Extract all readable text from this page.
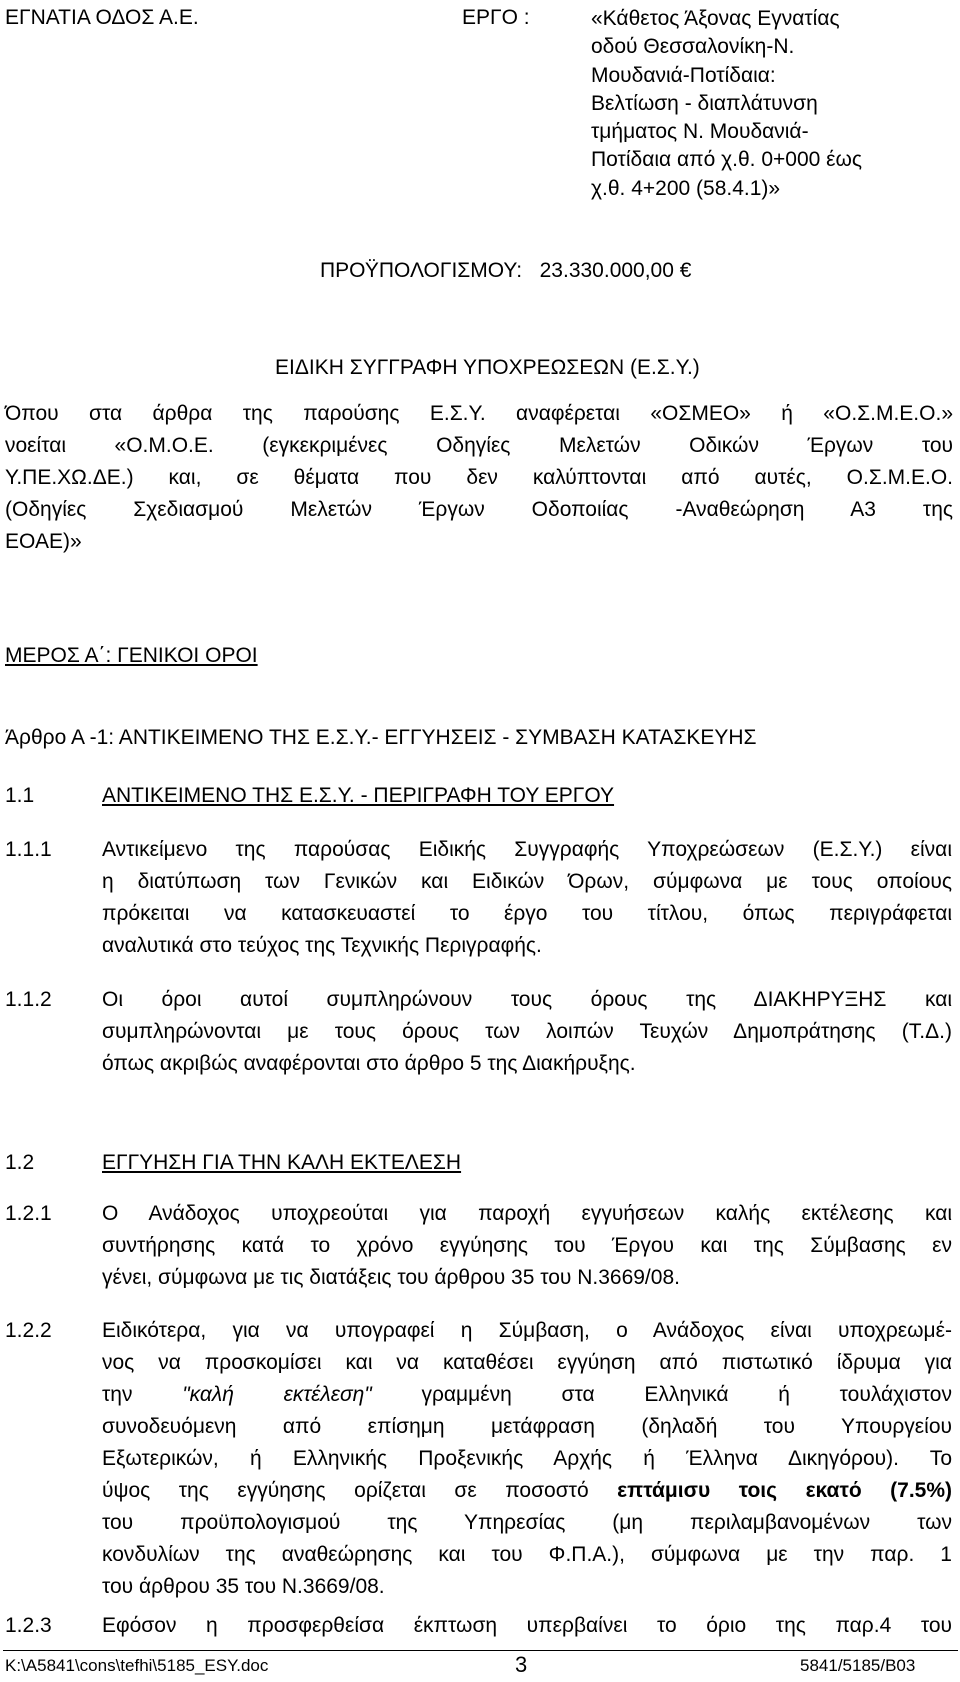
ΕΓΝΑΤΙΑ ΟΔΟΣ Α.Ε.	ΕΡΓΟ :	«Κάθετος Άξονας Εγνατίας
οδού Θεσσαλονίκη-Ν.
Μουδανιά-Ποτίδαια:
Βελτίωση - διαπλάτυνση
τμήματος Ν. Μουδανιά-
Ποτίδαια από χ.θ. 0+000 έως
χ.θ. 4+200 (58.4.1)»
ΠΡΟΫΠΟΛΟΓΙΣΜΟΥ: 23.330.000,00 €
ΕΙΔΙΚΗ ΣΥΓΓΡΑΦΗ ΥΠΟΧΡΕΩΣΕΩΝ (Ε.Σ.Υ.)
Όπου στα άρθρα της παρούσης Ε.Σ.Υ. αναφέρεται «ΟΣΜΕΟ» ή «Ο.Σ.Μ.Ε.Ο.»
νοείται «Ο.Μ.Ο.Ε. (εγκεκριμένες Οδηγίες Μελετών Οδικών Έργων του
Υ.ΠΕ.ΧΩ.ΔΕ.) και, σε θέματα που δεν καλύπτονται από αυτές, Ο.Σ.Μ.Ε.Ο.
(Οδηγίες Σχεδιασμού Μελετών Έργων Οδοποιίας -Αναθεώρηση Α3 της
ΕΟΑΕ)»
ΜΕΡΟΣ Α΄: ΓΕΝΙΚΟΙ ΟΡΟΙ
Άρθρο Α -1: ΑΝΤΙΚΕΙΜΕΝΟ ΤΗΣ Ε.Σ.Υ.- ΕΓΓΥΗΣΕΙΣ - ΣΥΜΒΑΣΗ ΚΑΤΑΣΚΕΥΗΣ
1.1	ΑΝΤΙΚΕΙΜΕΝΟ ΤΗΣ Ε.Σ.Υ. - ΠΕΡΙΓΡΑΦΗ ΤΟΥ ΕΡΓΟΥ
1.1.1 Αντικείμενο της παρούσας Ειδικής Συγγραφής Υποχρεώσεων (Ε.Σ.Υ.) είναι
η διατύπωση των Γενικών και Ειδικών Όρων, σύμφωνα με τους οποίους
πρόκειται να κατασκευαστεί το έργο του τίτλου, όπως περιγράφεται
αναλυτικά στο τεύχος της Τεχνικής Περιγραφής.
1.1.2 Οι όροι αυτοί συμπληρώνουν τους όρους της ΔΙΑΚΗΡΥΞΗΣ και
συμπληρώνονται με τους όρους των λοιπών Τευχών Δημοπράτησης (Τ.Δ.)
όπως ακριβώς αναφέρονται στο άρθρο 5 της Διακήρυξης.
1.2	ΕΓΓΥΗΣΗ ΓΙΑ ΤΗΝ ΚΑΛΗ ΕΚΤΕΛΕΣΗ
1.2.1 Ο Ανάδοχος υποχρεούται για παροχή εγγυήσεων καλής εκτέλεσης και
συντήρησης κατά το χρόνο εγγύησης του Έργου και της Σύμβασης εν
γένει, σύμφωνα με τις διατάξεις του άρθρου 35 του Ν.3669/08.
1.2.2 Ειδικότερα, για να υπογραφεί η Σύμβαση, ο Ανάδοχος είναι υποχρεωμέ-
νος να προσκομίσει και να καταθέσει εγγύηση από πιστωτικό ίδρυμα για
την "καλή εκτέλεση" γραμμένη στα Ελληνικά ή τουλάχιστον
συνοδευόμενη από επίσημη μετάφραση (δηλαδή του Υπουργείου
Εξωτερικών, ή Ελληνικής Προξενικής Αρχής ή Έλληνα Δικηγόρου). Το
ύψος της εγγύησης ορίζεται σε ποσοστό επτάμισυ τοις εκατό (7.5%)
του προϋπολογισμού της Υπηρεσίας (μη περιλαμβανομένων των
κονδυλίων της αναθεώρησης και του Φ.Π.Α.), σύμφωνα με την παρ. 1
του άρθρου 35 του Ν.3669/08.
1.2.3 Εφόσον η προσφερθείσα έκπτωση υπερβαίνει το όριο της παρ.4 του
K:\A5841\cons\tefhi\5185_ESY.doc	3	5841/5185/B03
